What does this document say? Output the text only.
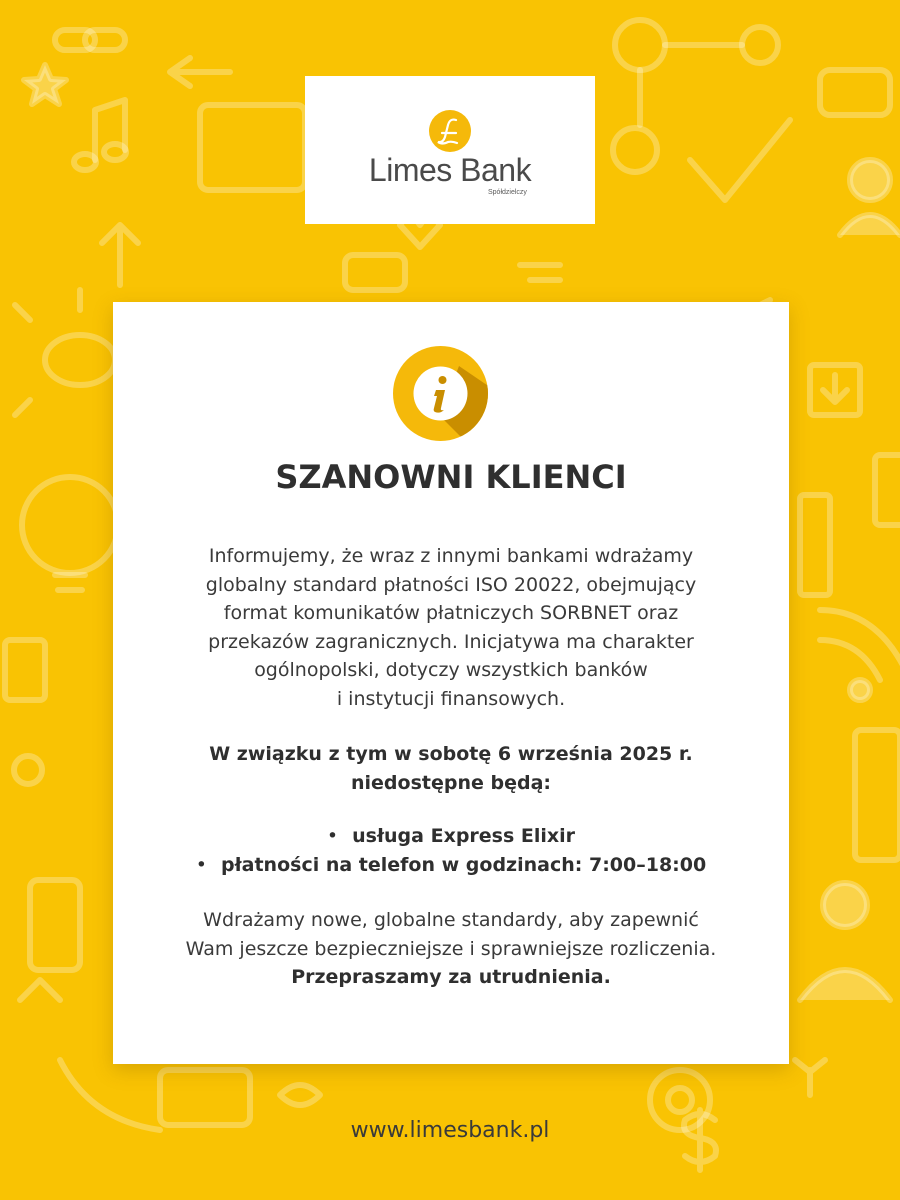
Limes Bank
Spółdzielczy
SZANOWNI KLIENCI
Informujemy, że wraz z innymi bankami wdrażamy
globalny standard płatności ISO 20022, obejmujący
format komunikatów płatniczych SORBNET oraz
przekazów zagranicznych. Inicjatywa ma charakter
ogólnopolski, dotyczy wszystkich banków
i instytucji finansowych.
W związku z tym w sobotę 6 września 2025 r.
niedostępne będą:
• usługa Express Elixir
• płatności na telefon w godzinach: 7:00–18:00
Wdrażamy nowe, globalne standardy, aby zapewnić
Wam jeszcze bezpieczniejsze i sprawniejsze rozliczenia.
Przepraszamy za utrudnienia.
www.limesbank.pl
